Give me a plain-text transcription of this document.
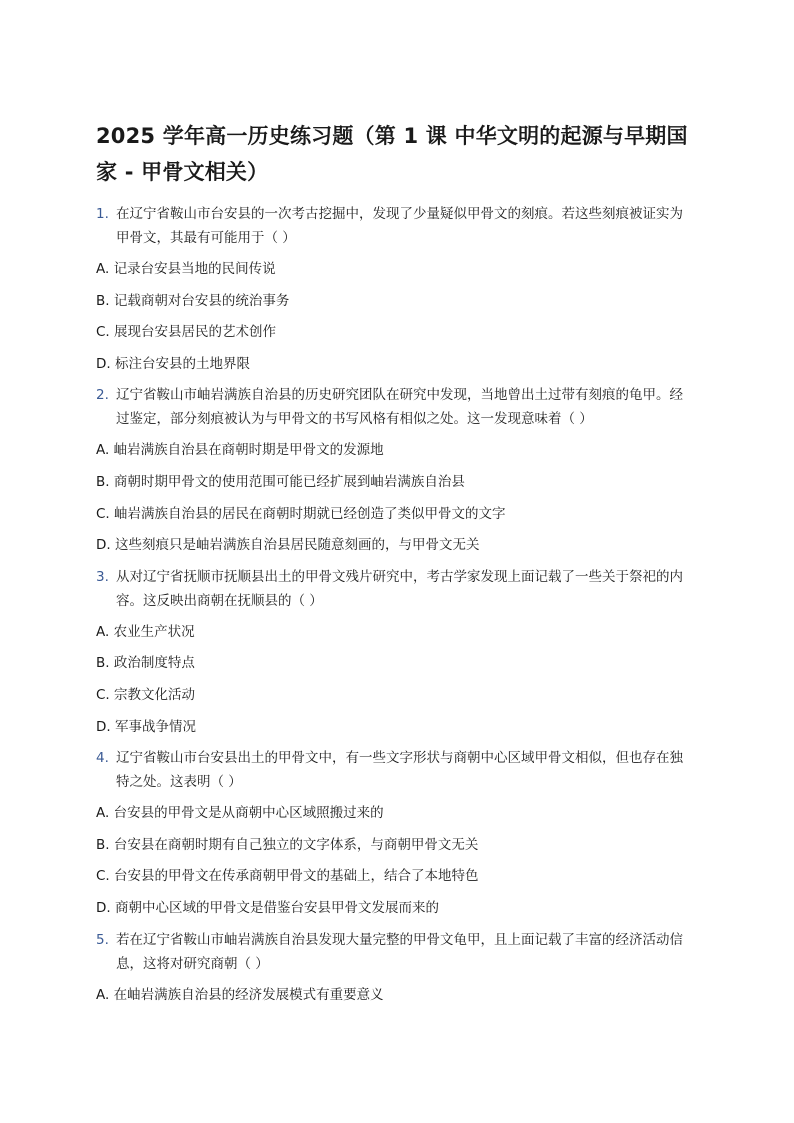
2025 学年高一历史练习题（第 1 课 中华文明的起源与早期国家 - 甲骨文相关）
1. 在辽宁省鞍山市台安县的一次考古挖掘中，发现了少量疑似甲骨文的刻痕。若这些刻痕被证实为甲骨文，其最有可能用于（ ）
A. 记录台安县当地的民间传说
B. 记载商朝对台安县的统治事务
C. 展现台安县居民的艺术创作
D. 标注台安县的土地界限
2. 辽宁省鞍山市岫岩满族自治县的历史研究团队在研究中发现，当地曾出土过带有刻痕的龟甲。经过鉴定，部分刻痕被认为与甲骨文的书写风格有相似之处。这一发现意味着（ ）
A. 岫岩满族自治县在商朝时期是甲骨文的发源地
B. 商朝时期甲骨文的使用范围可能已经扩展到岫岩满族自治县
C. 岫岩满族自治县的居民在商朝时期就已经创造了类似甲骨文的文字
D. 这些刻痕只是岫岩满族自治县居民随意刻画的，与甲骨文无关
3. 从对辽宁省抚顺市抚顺县出土的甲骨文残片研究中，考古学家发现上面记载了一些关于祭祀的内容。这反映出商朝在抚顺县的（ ）
A. 农业生产状况
B. 政治制度特点
C. 宗教文化活动
D. 军事战争情况
4. 辽宁省鞍山市台安县出土的甲骨文中，有一些文字形状与商朝中心区域甲骨文相似，但也存在独特之处。这表明（ ）
A. 台安县的甲骨文是从商朝中心区域照搬过来的
B. 台安县在商朝时期有自己独立的文字体系，与商朝甲骨文无关
C. 台安县的甲骨文在传承商朝甲骨文的基础上，结合了本地特色
D. 商朝中心区域的甲骨文是借鉴台安县甲骨文发展而来的
5. 若在辽宁省鞍山市岫岩满族自治县发现大量完整的甲骨文龟甲，且上面记载了丰富的经济活动信息，这将对研究商朝（ ）
A. 在岫岩满族自治县的经济发展模式有重要意义
